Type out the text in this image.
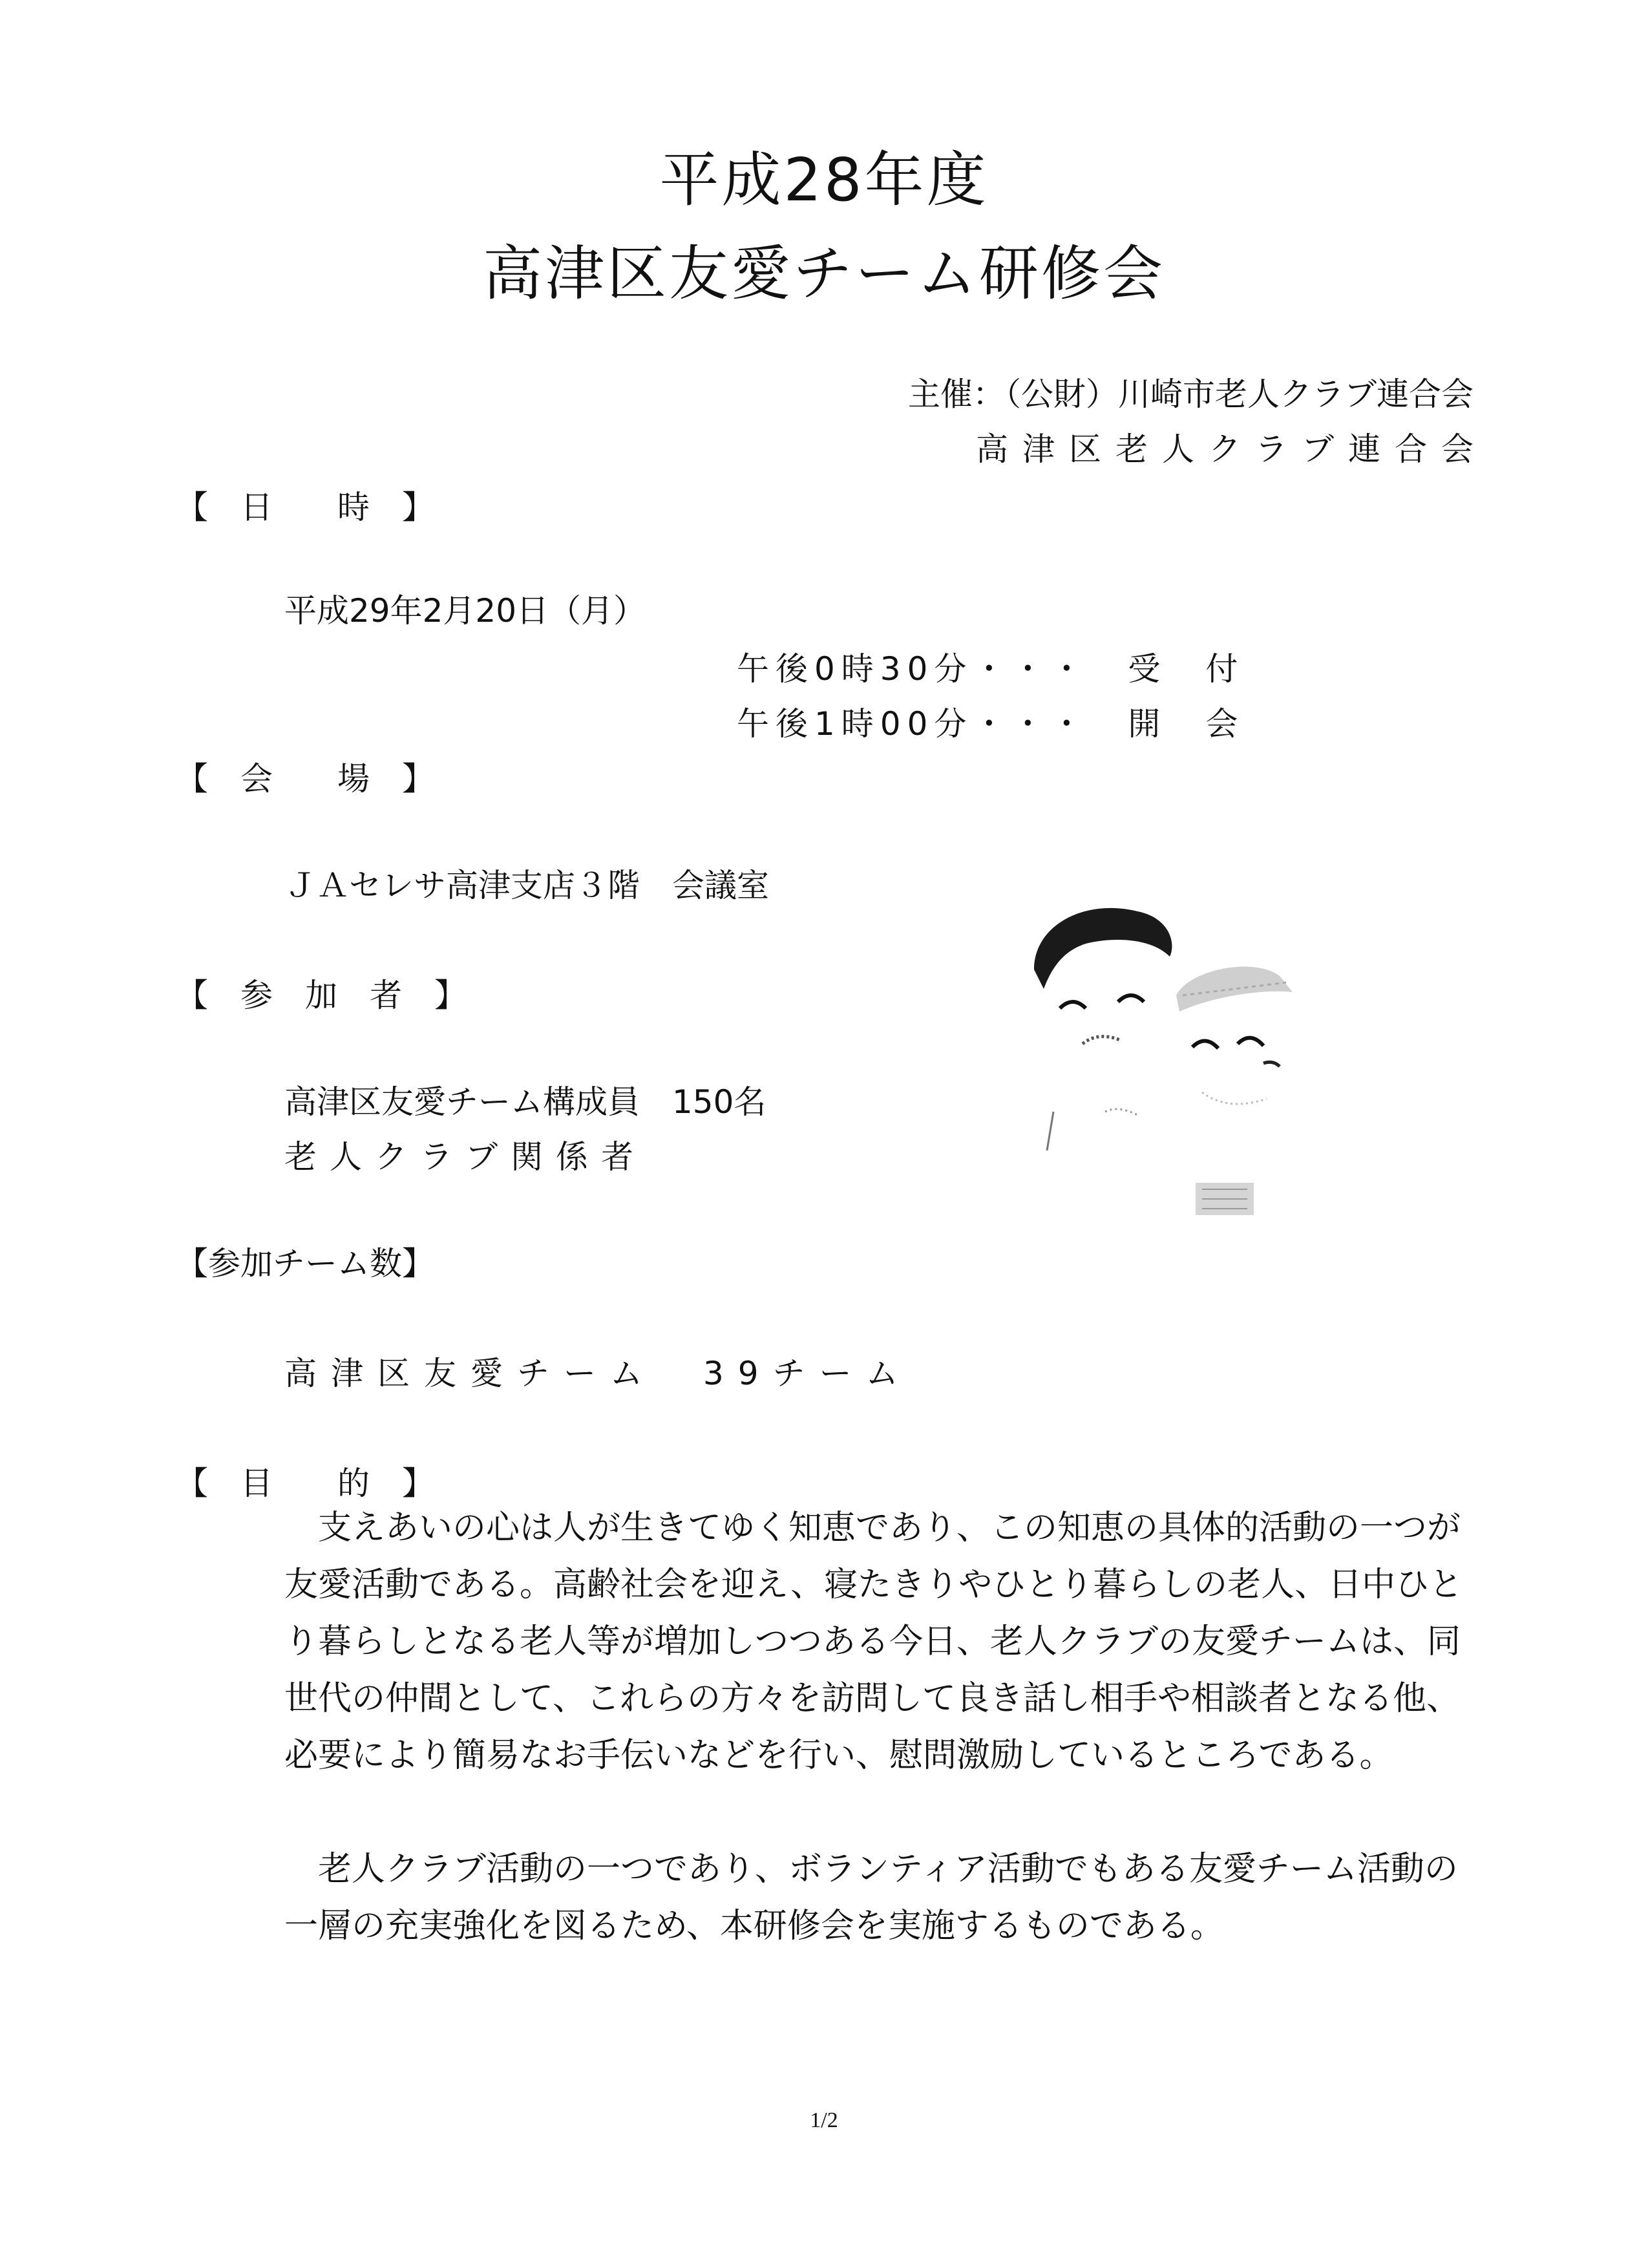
平成28年度
高津区友愛チーム研修会
主催：（公財）川崎市老人クラブ連合会
高津区老人クラブ連合会
【　日　　時　】
平成29年2月20日（月）
午後0時30分・・・　受　付
午後1時00分・・・　開　会
【　会　　場　】
ＪＡセレサ高津支店３階　会議室
【　参　加　者　】
高津区友愛チーム構成員　150名
老人クラブ関係者
【参加チーム数】
高津区友愛チーム　39チーム
【　目　　的　】
支えあいの心は人が生きてゆく知恵であり、この知恵の具体的活動の一つが友愛活動である。高齢社会を迎え、寝たきりやひとり暮らしの老人、日中ひとり暮らしとなる老人等が増加しつつある今日、老人クラブの友愛チームは、同世代の仲間として、これらの方々を訪問して良き話し相手や相談者となる他、必要により簡易なお手伝いなどを行い、慰問激励しているところである。
老人クラブ活動の一つであり、ボランティア活動でもある友愛チーム活動の一層の充実強化を図るため、本研修会を実施するものである。
1/2
